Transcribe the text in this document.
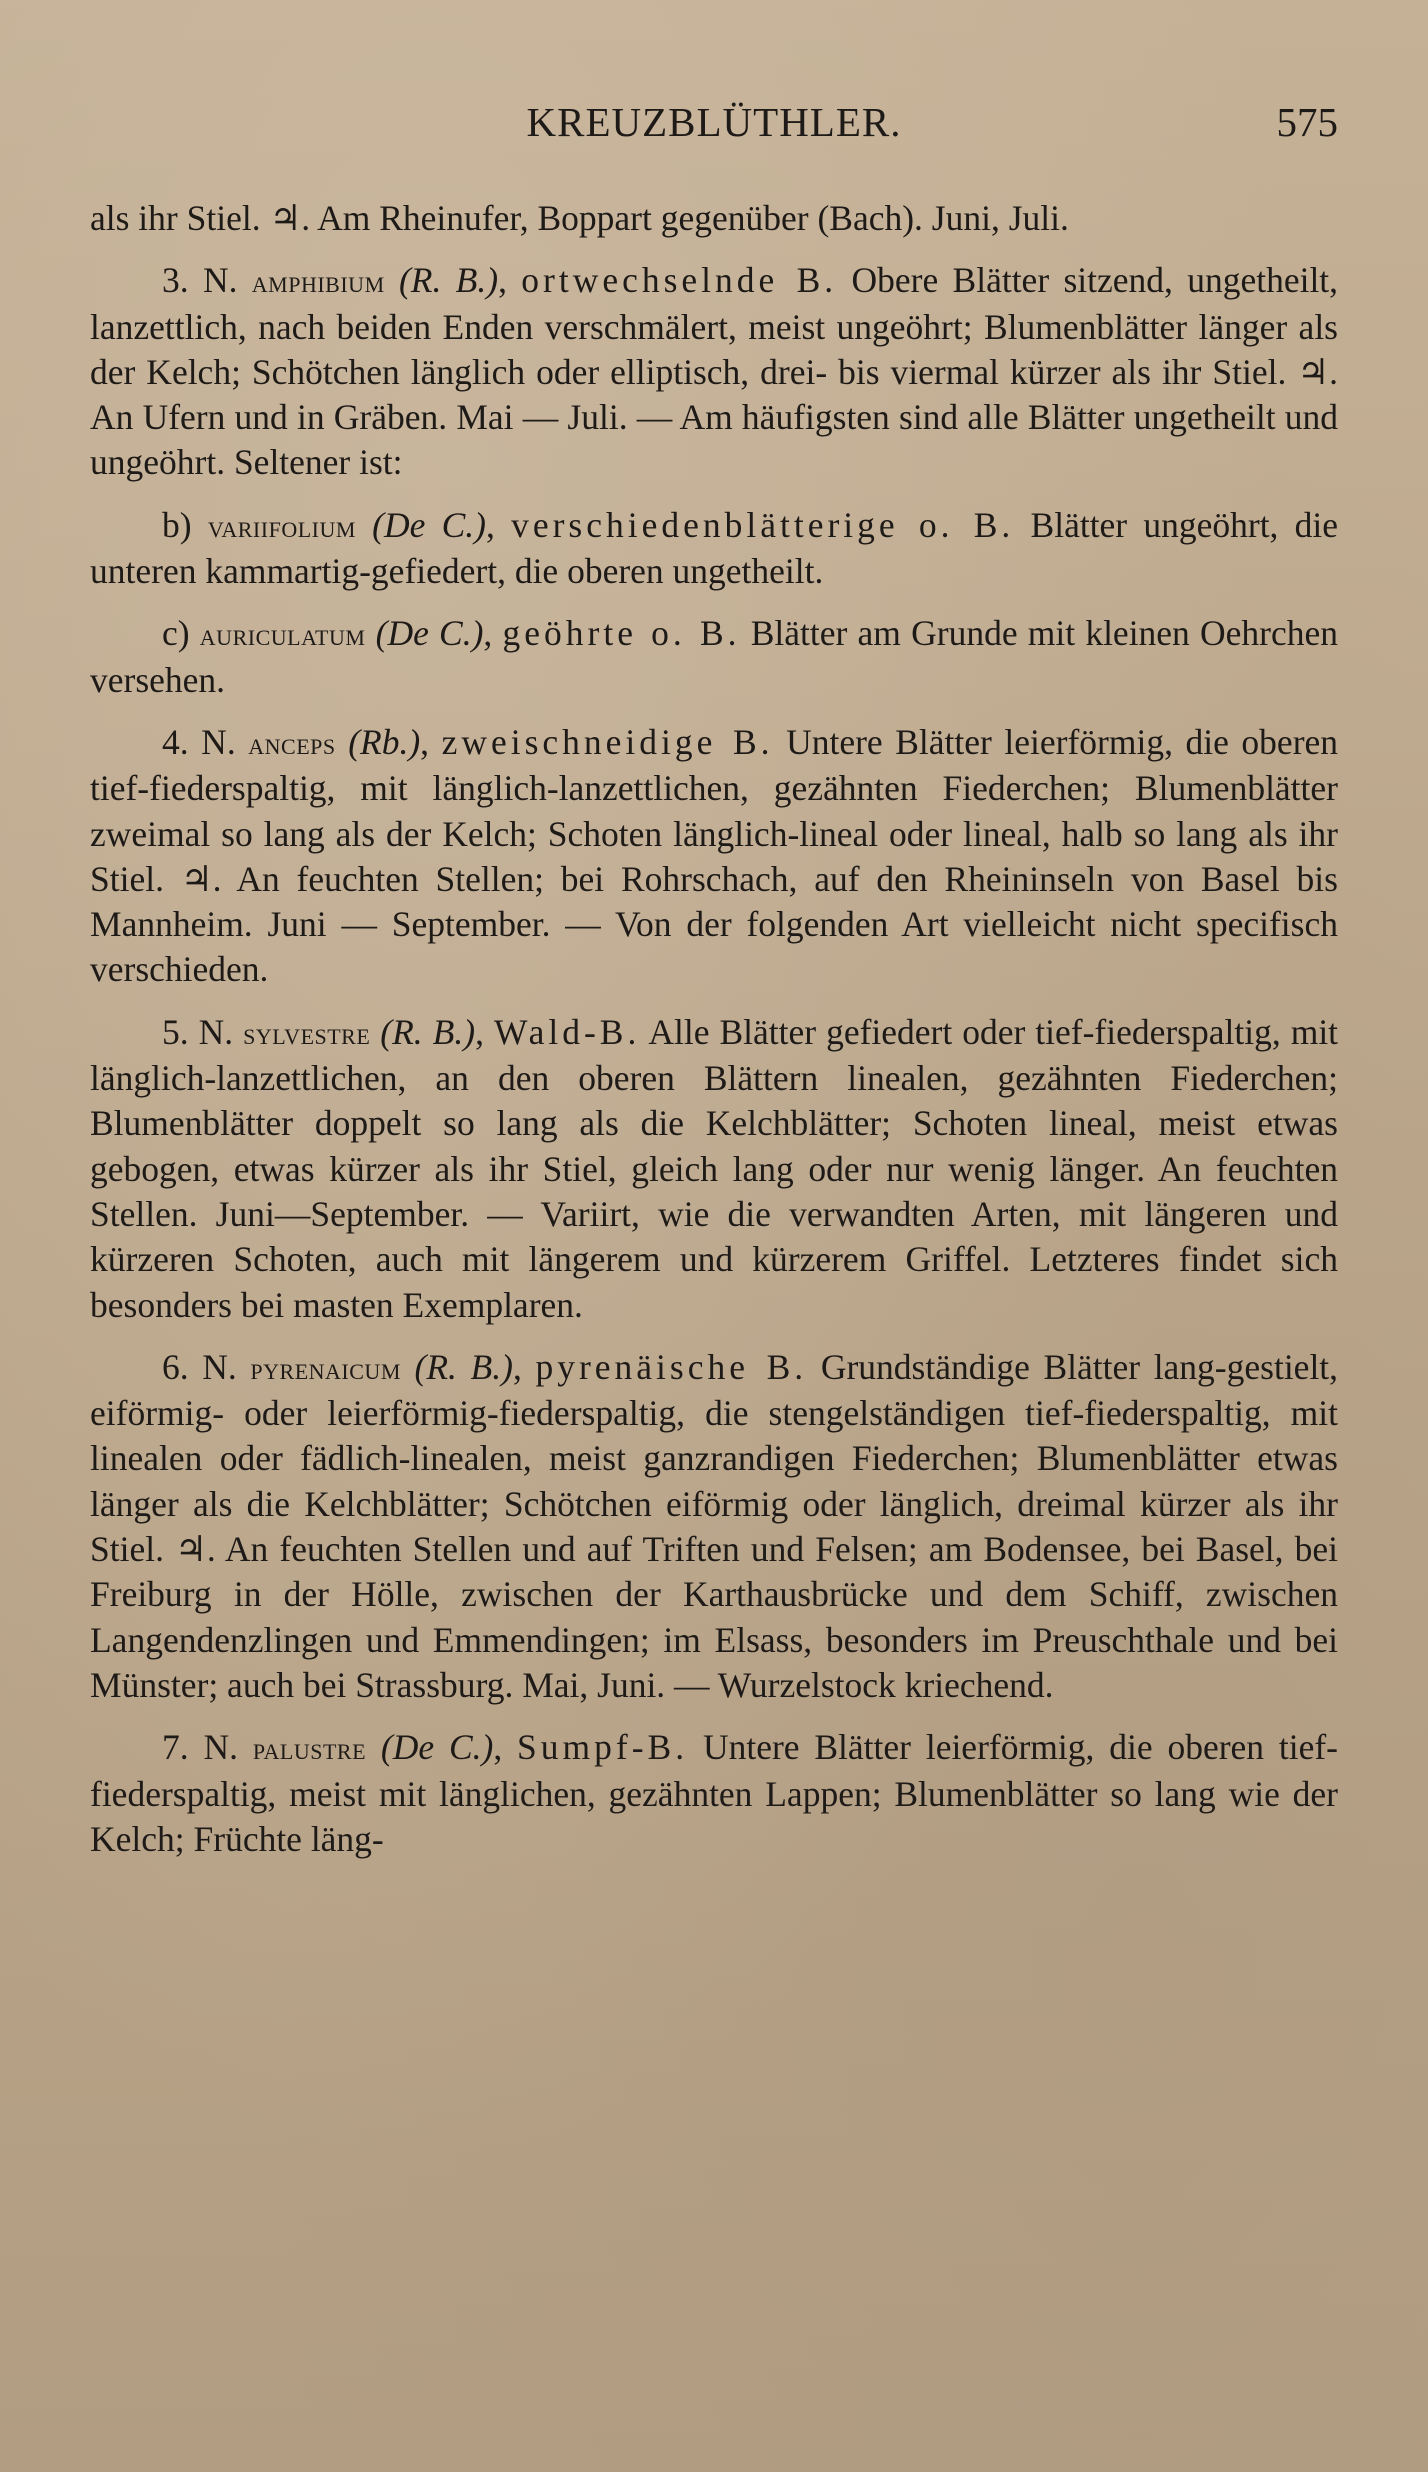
KREUZBLÜTHLER.	575

als ihr Stiel. ♃. Am Rheinufer, Boppart gegenüber (Bach). Juni, Juli.

3. N. amphibium (R. B.), ortwechselnde B. Obere Blätter sitzend, ungetheilt, lanzettlich, nach beiden Enden verschmälert, meist ungeöhrt; Blumenblätter länger als der Kelch; Schötchen länglich oder elliptisch, drei- bis viermal kürzer als ihr Stiel. ♃. An Ufern und in Gräben. Mai — Juli. — Am häufigsten sind alle Blätter ungetheilt und ungeöhrt. Seltener ist:

b) variifolium (De C.), verschiedenblätterige o. B. Blätter ungeöhrt, die unteren kammartig-gefiedert, die oberen ungetheilt.

c) auriculatum (De C.), geöhrte o. B. Blätter am Grunde mit kleinen Oehrchen versehen.

4. N. anceps (Rb.), zweischneidige B. Untere Blätter leierförmig, die oberen tief-fiederspaltig, mit länglich-lanzettlichen, gezähnten Fiederchen; Blumenblätter zweimal so lang als der Kelch; Schoten länglich-lineal oder lineal, halb so lang als ihr Stiel. ♃. An feuchten Stellen; bei Rohrschach, auf den Rheininseln von Basel bis Mannheim. Juni — September. — Von der folgenden Art vielleicht nicht specifisch verschieden.

5. N. sylvestre (R. B.), Wald-B. Alle Blätter gefiedert oder tief-fiederspaltig, mit länglich-lanzettlichen, an den oberen Blättern linealen, gezähnten Fiederchen; Blumenblätter doppelt so lang als die Kelchblätter; Schoten lineal, meist etwas gebogen, etwas kürzer als ihr Stiel, gleich lang oder nur wenig länger. An feuchten Stellen. Juni—September. — Variirt, wie die verwandten Arten, mit längeren und kürzeren Schoten, auch mit längerem und kürzerem Griffel. Letzteres findet sich besonders bei masten Exemplaren.

6. N. pyrenaicum (R. B.), pyrenäische B. Grundständige Blätter lang-gestielt, eiförmig- oder leierförmig-fiederspaltig, die stengelständigen tief-fiederspaltig, mit linealen oder fädlich-linealen, meist ganzrandigen Fiederchen; Blumenblätter etwas länger als die Kelchblätter; Schötchen eiförmig oder länglich, dreimal kürzer als ihr Stiel. ♃. An feuchten Stellen und auf Triften und Felsen; am Bodensee, bei Basel, bei Freiburg in der Hölle, zwischen der Karthausbrücke und dem Schiff, zwischen Langendenzlingen und Emmendingen; im Elsass, besonders im Preuschthale und bei Münster; auch bei Strassburg. Mai, Juni. — Wurzelstock kriechend.

7. N. palustre (De C.), Sumpf-B. Untere Blätter leierförmig, die oberen tief-fiederspaltig, meist mit länglichen, gezähnten Lappen; Blumenblätter so lang wie der Kelch; Früchte läng-
